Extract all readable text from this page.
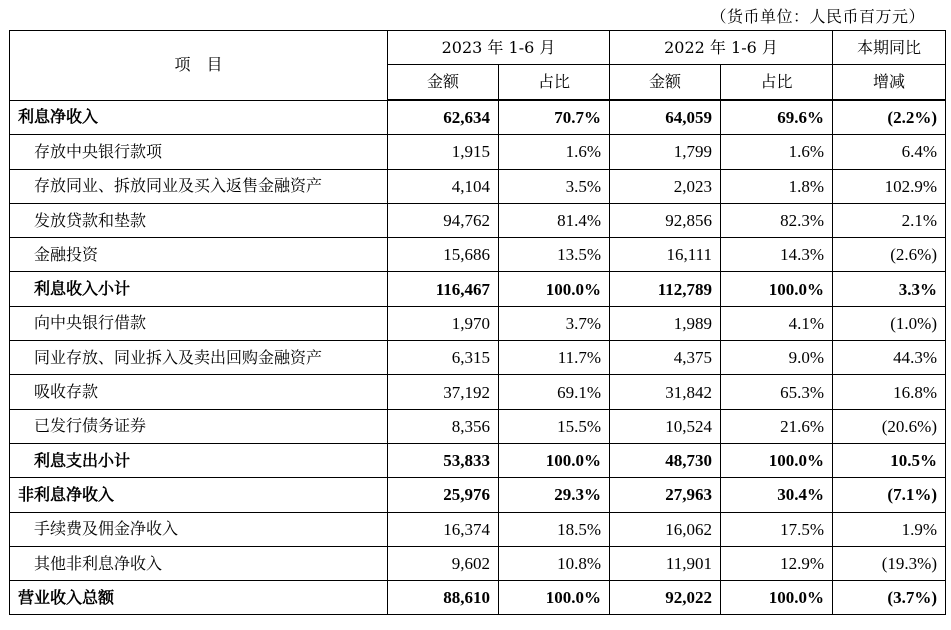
（货币单位：人民币百万元）
项　目	2023 年 1-6 月		2022 年 1-6 月		本期同比
	金额	占比	金额	占比	增减
利息净收入	62,634	70.7%	64,059	69.6%	(2.2%)
存放中央银行款项	1,915	1.6%	1,799	1.6%	6.4%
存放同业、拆放同业及买入返售金融资产	4,104	3.5%	2,023	1.8%	102.9%
发放贷款和垫款	94,762	81.4%	92,856	82.3%	2.1%
金融投资	15,686	13.5%	16,111	14.3%	(2.6%)
利息收入小计	116,467	100.0%	112,789	100.0%	3.3%
向中央银行借款	1,970	3.7%	1,989	4.1%	(1.0%)
同业存放、同业拆入及卖出回购金融资产	6,315	11.7%	4,375	9.0%	44.3%
吸收存款	37,192	69.1%	31,842	65.3%	16.8%
已发行债务证券	8,356	15.5%	10,524	21.6%	(20.6%)
利息支出小计	53,833	100.0%	48,730	100.0%	10.5%
非利息净收入	25,976	29.3%	27,963	30.4%	(7.1%)
手续费及佣金净收入	16,374	18.5%	16,062	17.5%	1.9%
其他非利息净收入	9,602	10.8%	11,901	12.9%	(19.3%)
营业收入总额	88,610	100.0%	92,022	100.0%	(3.7%)
